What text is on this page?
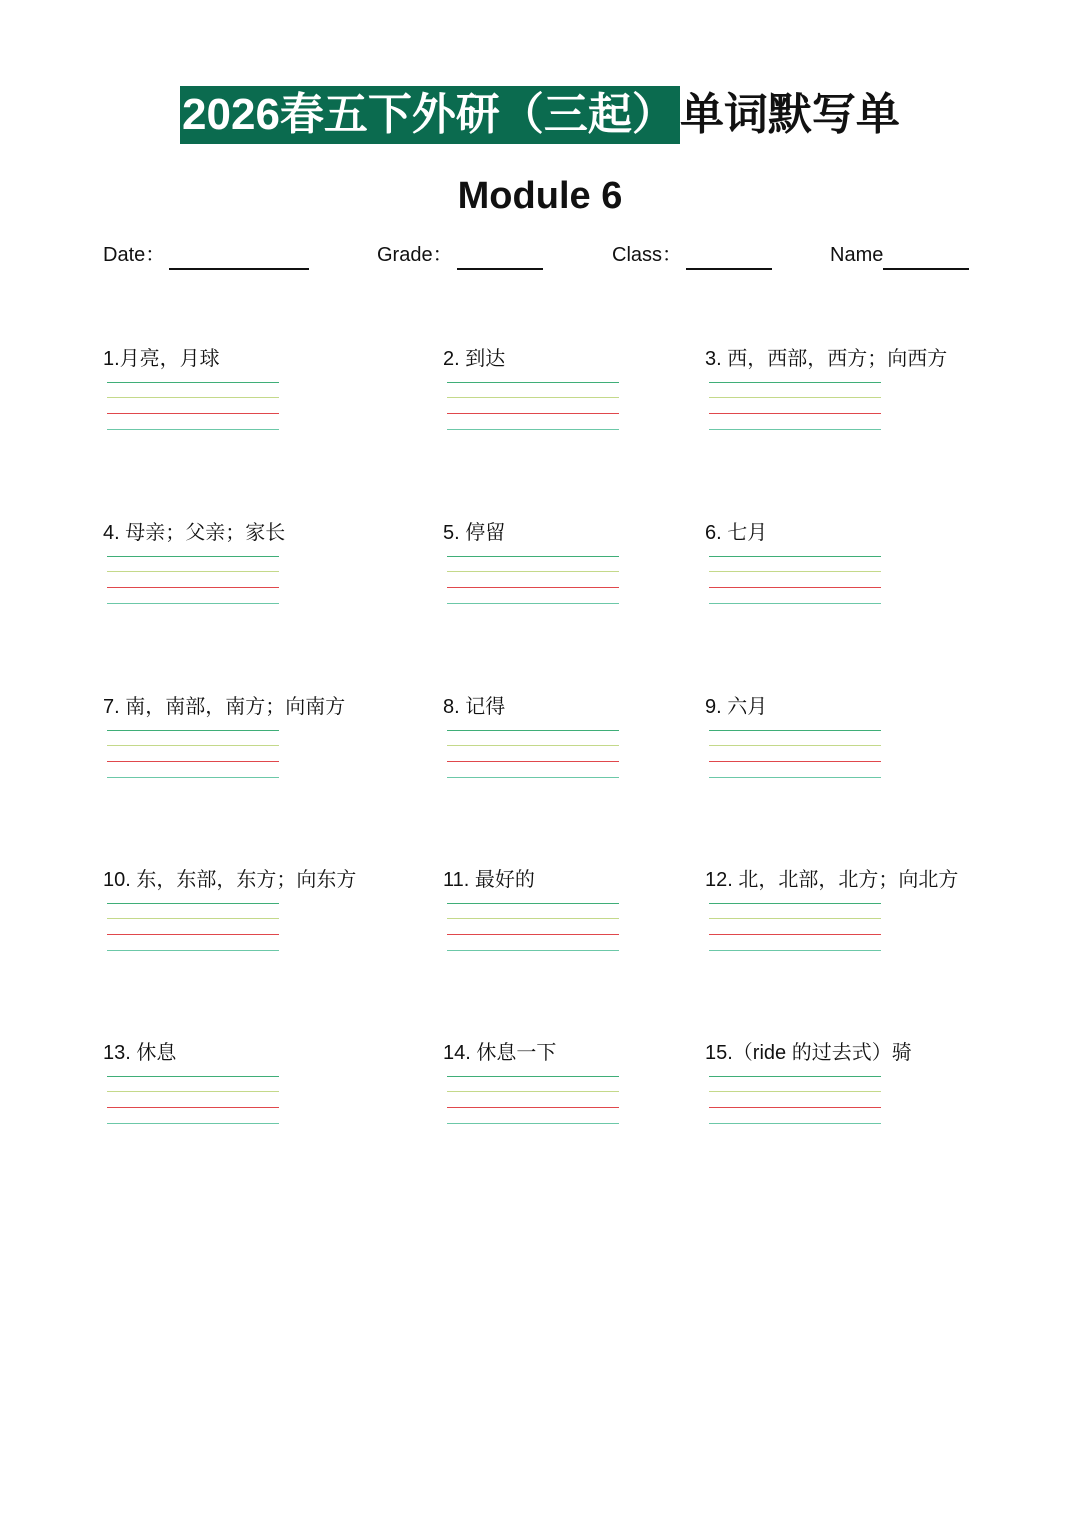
2026春五下外研（三起） 单词默写单
Module 6
Date：	Grade：	Class：	Name
1.月亮，月球	2. 到达	3. 西，西部，西方；向西方
4. 母亲；父亲；家长	5. 停留	6. 七月
7. 南，南部，南方；向南方	8. 记得	9. 六月
10. 东，东部，东方；向东方	11. 最好的	12. 北，北部，北方；向北方
13. 休息	14. 休息一下	15.（ride 的过去式）骑
